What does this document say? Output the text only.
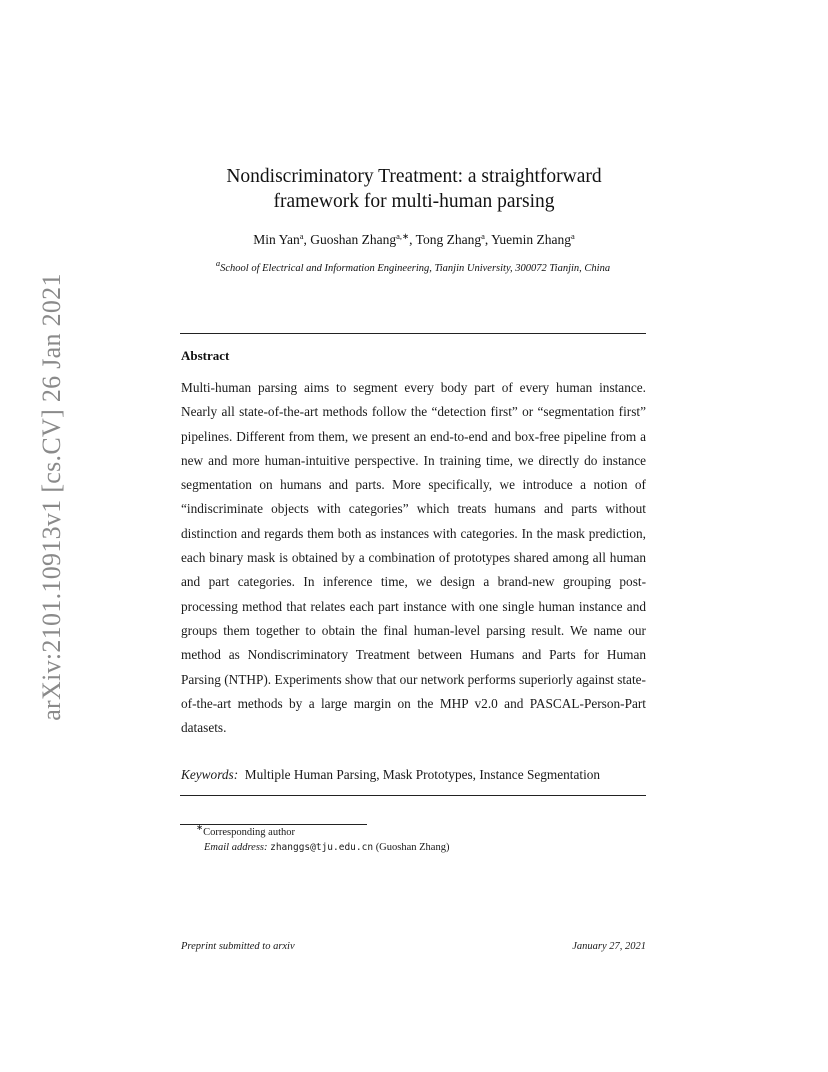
arXiv:2101.10913v1 [cs.CV] 26 Jan 2021
Nondiscriminatory Treatment: a straightforward
framework for multi-human parsing
Min Yan$^a$, Guoshan Zhang$^{a,∗}$, Tong Zhang$^a$, Yuemin Zhang$^a$
$^a$School of Electrical and Information Engineering, Tianjin University, 300072 Tianjin, China
Abstract

Multi-human parsing aims to segment every body part of every human instance. Nearly all state-of-the-art methods follow the “detection first” or “segmentation first” pipelines. Different from them, we present an end-to-end and box-free pipeline from a new and more human-intuitive perspective. In training time, we directly do instance segmentation on humans and parts. More specifically, we introduce a notion of “indiscriminate objects with categories” which treats humans and parts without distinction and regards them both as instances with categories. In the mask prediction, each binary mask is obtained by a combination of prototypes shared among all human and part categories. In inference time, we design a brand-new grouping post-processing method that relates each part instance with one single human instance and groups them together to obtain the final human-level parsing result. We name our method as Nondiscriminatory Treatment between Humans and Parts for Human Parsing (NTHP). Experiments show that our network performs superiorly against state-of-the-art methods by a large margin on the MHP v2.0 and PASCAL-Person-Part datasets.

Keywords: Multiple Human Parsing, Mask Prototypes, Instance Segmentation
∗Corresponding author
Email address: zhanggs@tju.edu.cn (Guoshan Zhang)
Preprint submitted to arxiv	January 27, 2021
